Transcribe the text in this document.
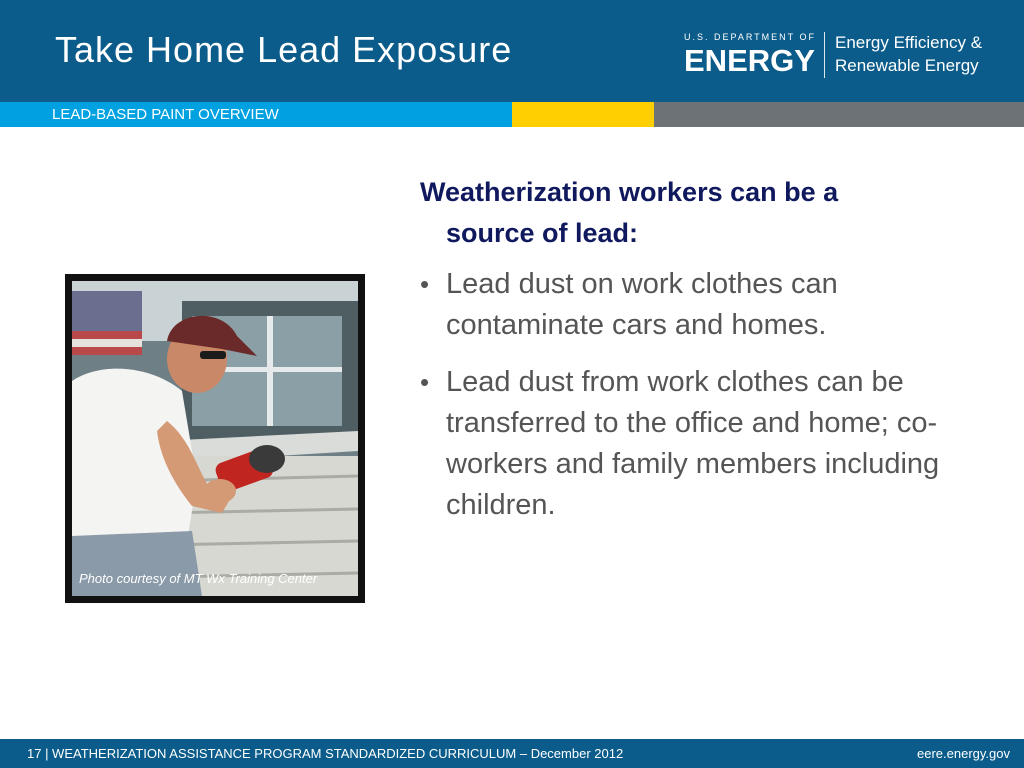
Take Home Lead Exposure	U.S. DEPARTMENT OF
ENERGY
Energy Efficiency &
Renewable Energy
LEAD-BASED PAINT OVERVIEW
Photo courtesy of MT Wx Training Center

Weatherization workers can be a
source of lead:

• Lead dust on work clothes can contaminate cars and homes.
• Lead dust from work clothes can be transferred to the office and home; co-workers and family members including children.
17 | WEATHERIZATION ASSISTANCE PROGRAM STANDARDIZED CURRICULUM – December 2012	eere.energy.gov
